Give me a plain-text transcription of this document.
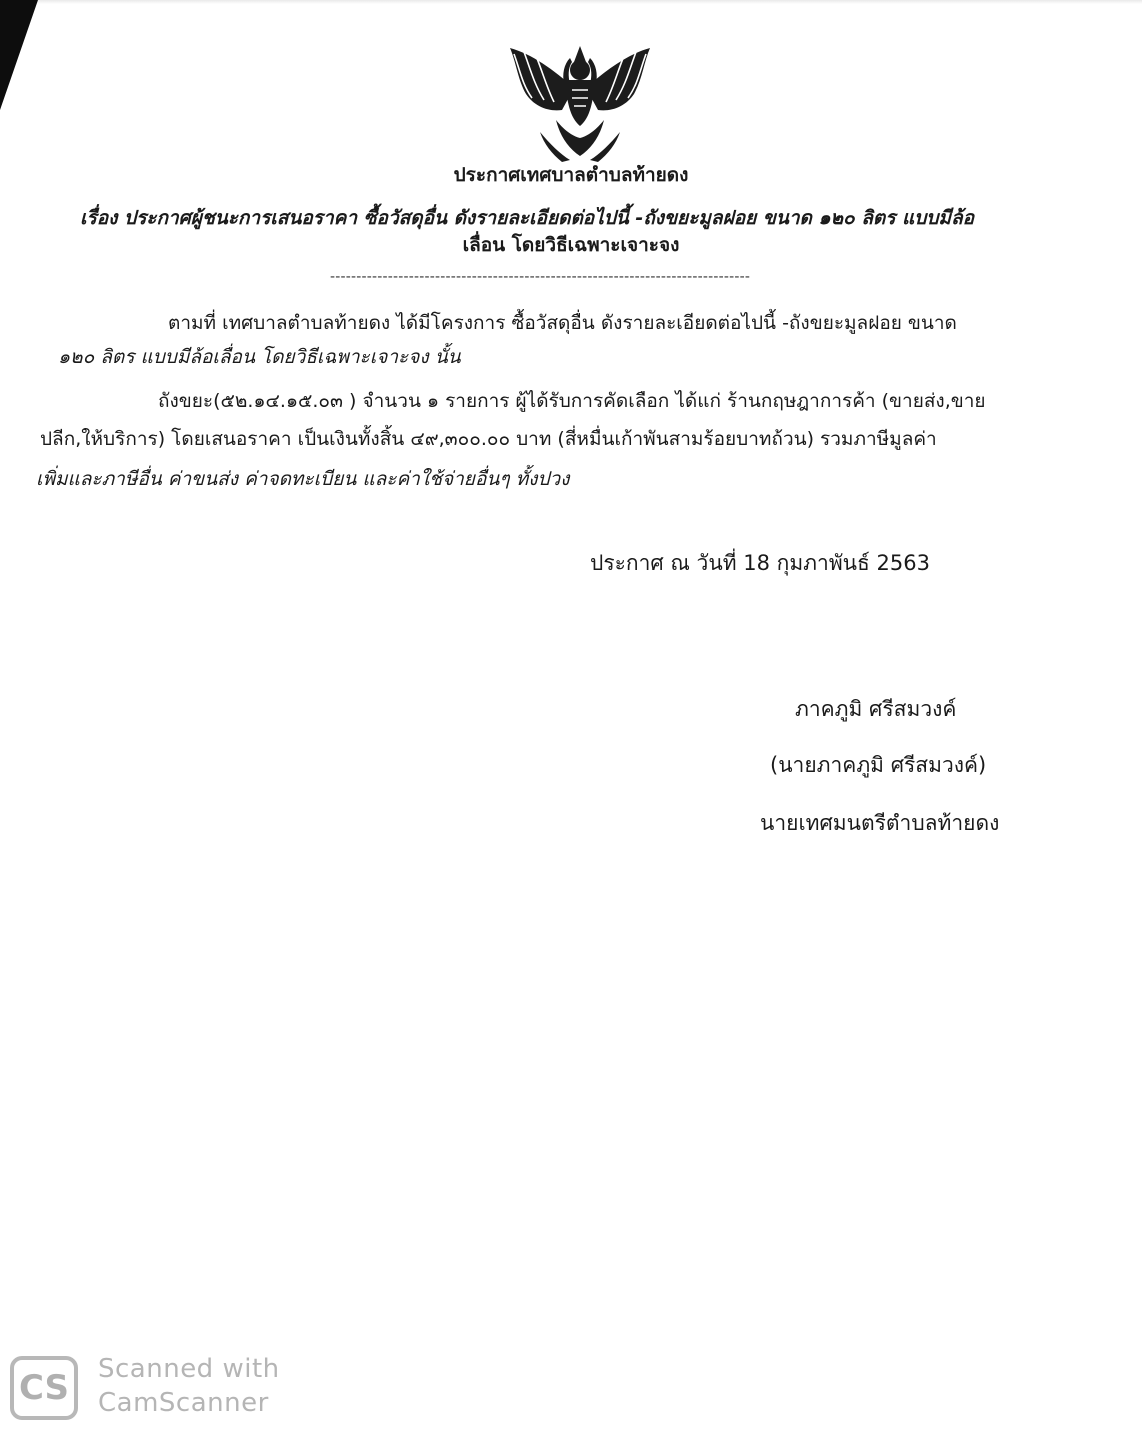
ประกาศเทศบาลตำบลท้ายดง
เรื่อง ประกาศผู้ชนะการเสนอราคา ซื้อวัสดุอื่น ดังรายละเอียดต่อไปนี้ -ถังขยะมูลฝอย ขนาด ๑๒๐ ลิตร แบบมีล้อ
เลื่อน โดยวิธีเฉพาะเจาะจง
--------------------------------------------------------------------------------
ตามที่ เทศบาลตำบลท้ายดง ได้มีโครงการ ซื้อวัสดุอื่น ดังรายละเอียดต่อไปนี้ -ถังขยะมูลฝอย ขนาด
๑๒๐ ลิตร แบบมีล้อเลื่อน โดยวิธีเฉพาะเจาะจง นั้น
ถังขยะ(๕๒.๑๔.๑๕.๐๓ ) จำนวน ๑ รายการ ผู้ได้รับการคัดเลือก ได้แก่ ร้านกฤษฎาการค้า (ขายส่ง,ขาย
ปลีก,ให้บริการ) โดยเสนอราคา เป็นเงินทั้งสิ้น ๔๙,๓๐๐.๐๐ บาท (สี่หมื่นเก้าพันสามร้อยบาทถ้วน) รวมภาษีมูลค่า
เพิ่มและภาษีอื่น ค่าขนส่ง ค่าจดทะเบียน และค่าใช้จ่ายอื่นๆ ทั้งปวง
ประกาศ ณ วันที่ 18 กุมภาพันธ์ 2563
ภาคภูมิ ศรีสมวงค์
(นายภาคภูมิ ศรีสมวงค์)
นายเทศมนตรีตำบลท้ายดง
CS	Scanned with
CamScanner
